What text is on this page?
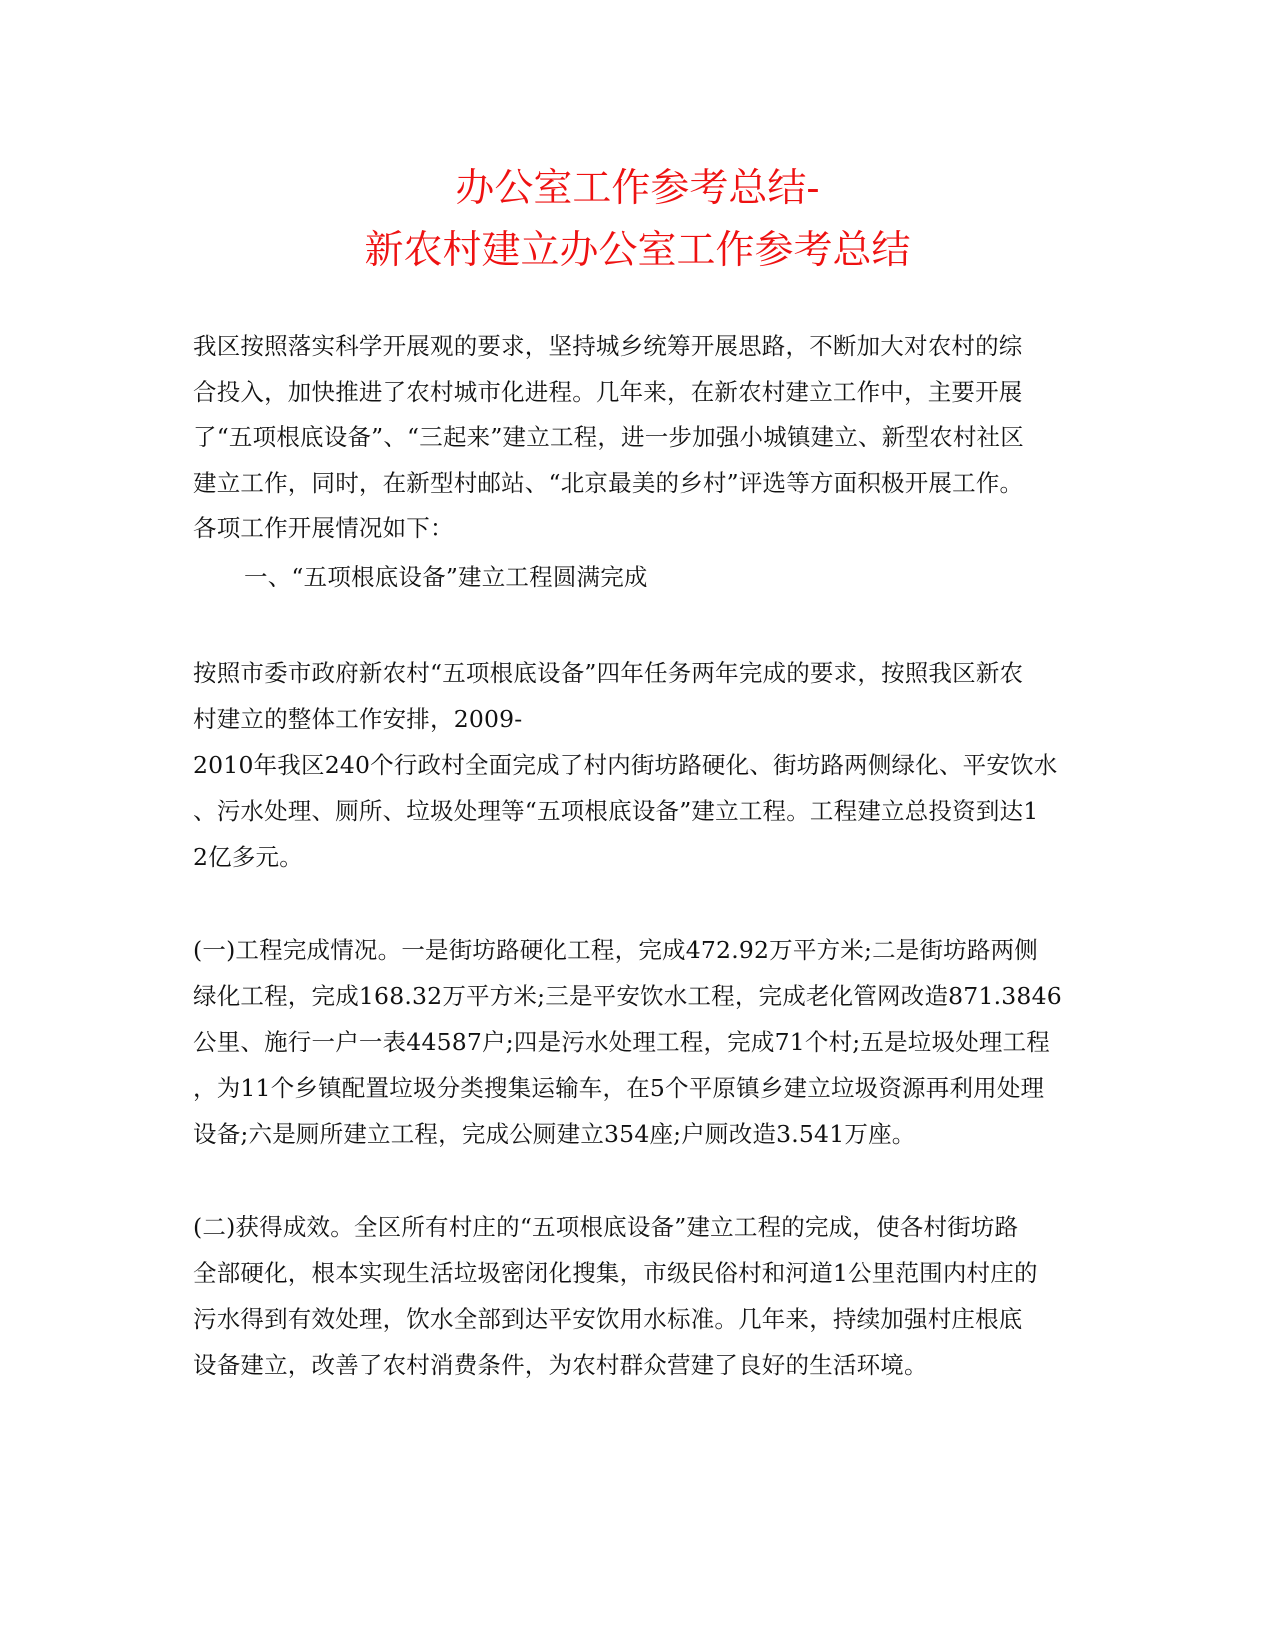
办公室工作参考总结-
新农村建立办公室工作参考总结
我区按照落实科学开展观的要求，坚持城乡统筹开展思路，不断加大对农村的综
合投入，加快推进了农村城市化进程。几年来，在新农村建立工作中，主要开展
了“五项根底设备”、“三起来”建立工程，进一步加强小城镇建立、新型农村社区
建立工作，同时，在新型村邮站、“北京最美的乡村”评选等方面积极开展工作。
各项工作开展情况如下：
一、“五项根底设备”建立工程圆满完成
按照市委市政府新农村“五项根底设备”四年任务两年完成的要求，按照我区新农
村建立的整体工作安排，2009-
2010年我区240个行政村全面完成了村内街坊路硬化、街坊路两侧绿化、平安饮水
、污水处理、厕所、垃圾处理等“五项根底设备”建立工程。工程建立总投资到达1
2亿多元。
(一)工程完成情况。一是街坊路硬化工程，完成472.92万平方米;二是街坊路两侧
绿化工程，完成168.32万平方米;三是平安饮水工程，完成老化管网改造871.3846
公里、施行一户一表44587户;四是污水处理工程，完成71个村;五是垃圾处理工程
，为11个乡镇配置垃圾分类搜集运输车，在5个平原镇乡建立垃圾资源再利用处理
设备;六是厕所建立工程，完成公厕建立354座;户厕改造3.541万座。
(二)获得成效。全区所有村庄的“五项根底设备”建立工程的完成，使各村街坊路
全部硬化，根本实现生活垃圾密闭化搜集，市级民俗村和河道1公里范围内村庄的
污水得到有效处理，饮水全部到达平安饮用水标准。几年来，持续加强村庄根底
设备建立，改善了农村消费条件，为农村群众营建了良好的生活环境。
